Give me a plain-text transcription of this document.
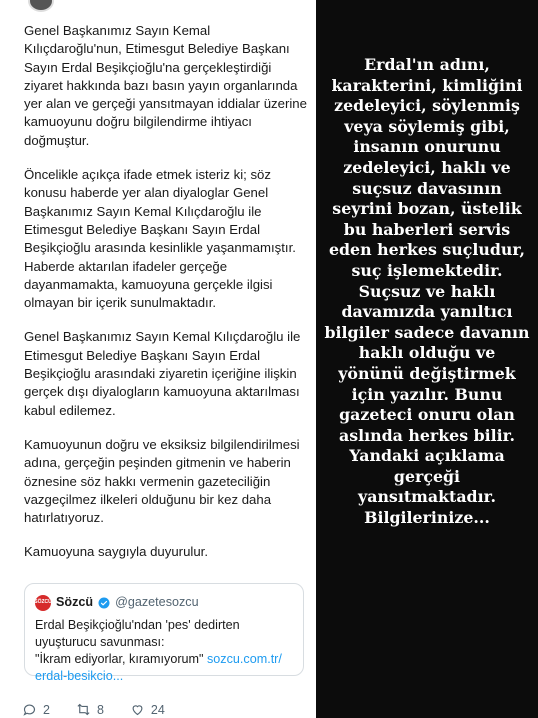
Genel Başkanımız Sayın Kemal Kılıçdaroğlu'nun, Etimesgut Belediye Başkanı Sayın Erdal Beşikçioğlu'na gerçekleştirdiği ziyaret hakkında bazı basın yayın organlarında yer alan ve gerçeği yansıtmayan iddialar üzerine kamuoyunu doğru bilgilendirme ihtiyacı doğmuştur.

Öncelikle açıkça ifade etmek isteriz ki; söz konusu haberde yer alan diyaloglar Genel Başkanımız Sayın Kemal Kılıçdaroğlu ile Etimesgut Belediye Başkanı Sayın Erdal Beşikçioğlu arasında kesinlikle yaşanmamıştır. Haberde aktarılan ifadeler gerçeğe dayanmamakta, kamuoyuna gerçekle ilgisi olmayan bir içerik sunulmaktadır.

Genel Başkanımız Sayın Kemal Kılıçdaroğlu ile Etimesgut Belediye Başkanı Sayın Erdal Beşikçioğlu arasındaki ziyaretin içeriğine ilişkin gerçek dışı diyalogların kamuoyuna aktarılması kabul edilemez.

Kamuoyunun doğru ve eksiksiz bilgilendirilmesi adına, gerçeğin peşinden gitmenin ve haberin öznesine söz hakkı vermenin gazeteciliğin vazgeçilmez ilkeleri olduğunu bir kez daha hatırlatıyoruz.

Kamuoyuna saygıyla duyurulur.

SÖZCÜ Sözcü @gazetesozcu
Erdal Beşikçioğlu'ndan 'pes' dedirten uyuşturucu savunması:
"İkram ediyorlar, kıramıyorum" sozcu.com.tr/
erdal-besikcio...
2	8	24
Erdal'ın adını, karakterini, kimliğini zedeleyici, söylenmiş veya söylemiş gibi, insanın onurunu zedeleyici, haklı ve suçsuz davasının seyrini bozan, üstelik bu haberleri servis eden herkes suçludur, suç işlemektedir. Suçsuz ve haklı davamızda yanıltıcı bilgiler sadece davanın haklı olduğu ve yönünü değiştirmek için yazılır. Bunu gazeteci onuru olan aslında herkes bilir. Yandaki açıklama gerçeği yansıtmaktadır. Bilgilerinize...
